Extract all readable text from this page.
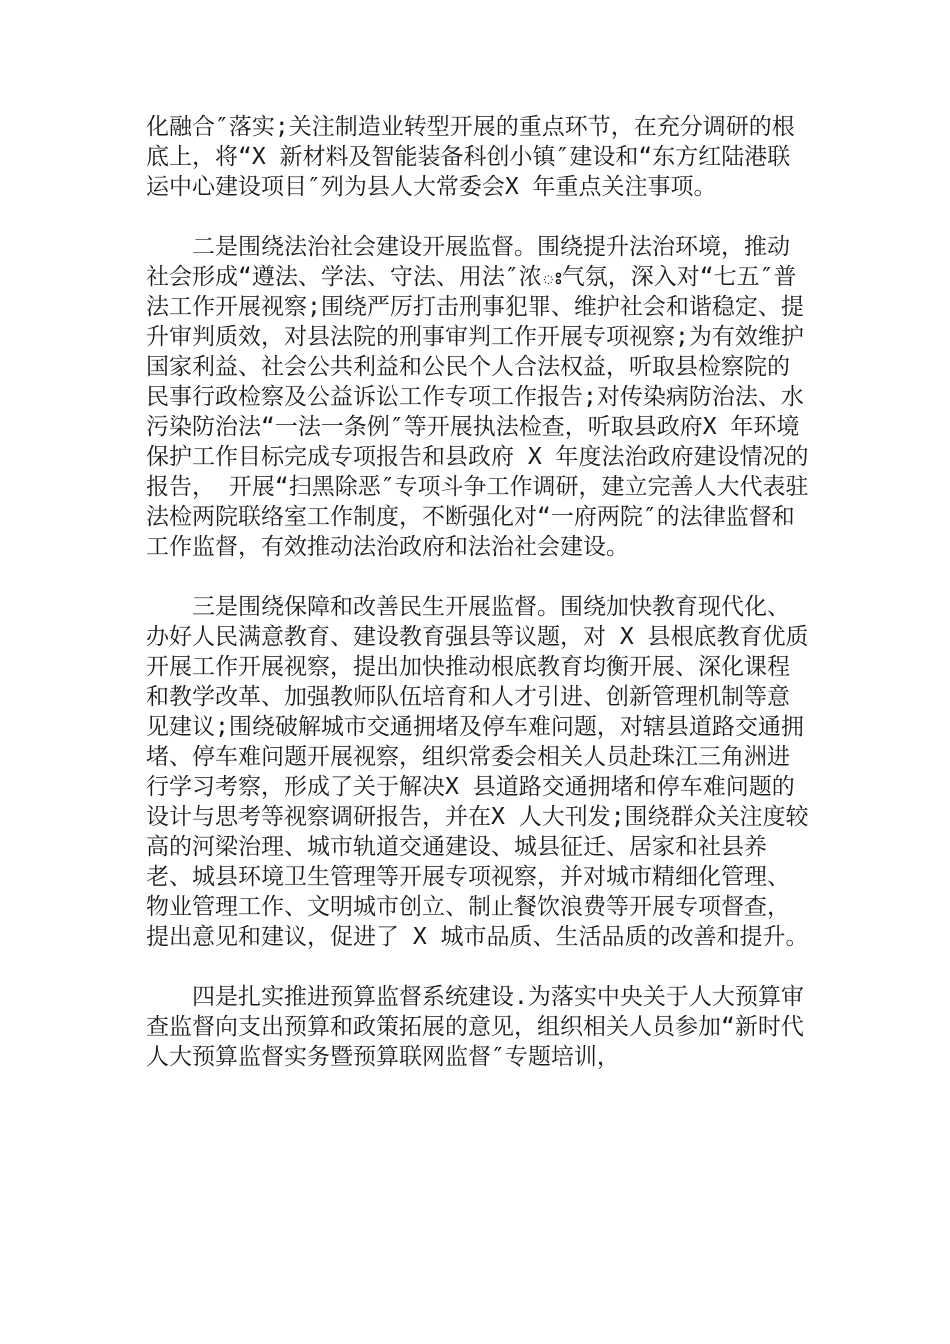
化融合″落实;关注制造业转型开展的重点环节，在充分调研的根底上，将“X 新材料及智能装备科创小镇″建设和“东方红陆港联运中心建设项目″列为县人大常委会X 年重点关注事项。

二是围绕法治社会建设开展监督。围绕提升法治环境，推动社会形成“遵法、学法、守法、用法″浓ః气氛，深入对“七五″普法工作开展视察;围绕严厉打击刑事犯罪、维护社会和谐稳定、提升审判质效，对县法院的刑事审判工作开展专项视察;为有效维护国家利益、社会公共利益和公民个人合法权益，听取县检察院的民事行政检察及公益诉讼工作专项工作报告;对传染病防治法、水污染防治法“一法一条例″等开展执法检查，听取县政府X 年环境保护工作目标完成专项报告和县政府 X 年度法治政府建设情况的报告， 开展“扫黑除恶″专项斗争工作调研，建立完善人大代表驻法检两院联络室工作制度，不断强化对“一府两院″的法律监督和工作监督，有效推动法治政府和法治社会建设。

三是围绕保障和改善民生开展监督。围绕加快教育现代化、办好人民满意教育、建设教育强县等议题，对 X 县根底教育优质开展工作开展视察，提出加快推动根底教育均衡开展、深化课程和教学改革、加强教师队伍培育和人才引进、创新管理机制等意见建议;围绕破解城市交通拥堵及停车难问题，对辖县道路交通拥堵、停车难问题开展视察，组织常委会相关人员赴珠江三角洲进行学习考察，形成了关于解决X 县道路交通拥堵和停车难问题的设计与思考等视察调研报告，并在X 人大刊发;围绕群众关注度较高的河梁治理、城市轨道交通建设、城县征迁、居家和社县养老、城县环境卫生管理等开展专项视察，并对城市精细化管理、物业管理工作、文明城市创立、制止餐饮浪费等开展专项督查，提出意见和建议，促进了 X 城市品质、生活品质的改善和提升。

四是扎实推进预算监督系统建设.为落实中央关于人大预算审查监督向支出预算和政策拓展的意见，组织相关人员参加“新时代人大预算监督实务暨预算联网监督″专题培训，
